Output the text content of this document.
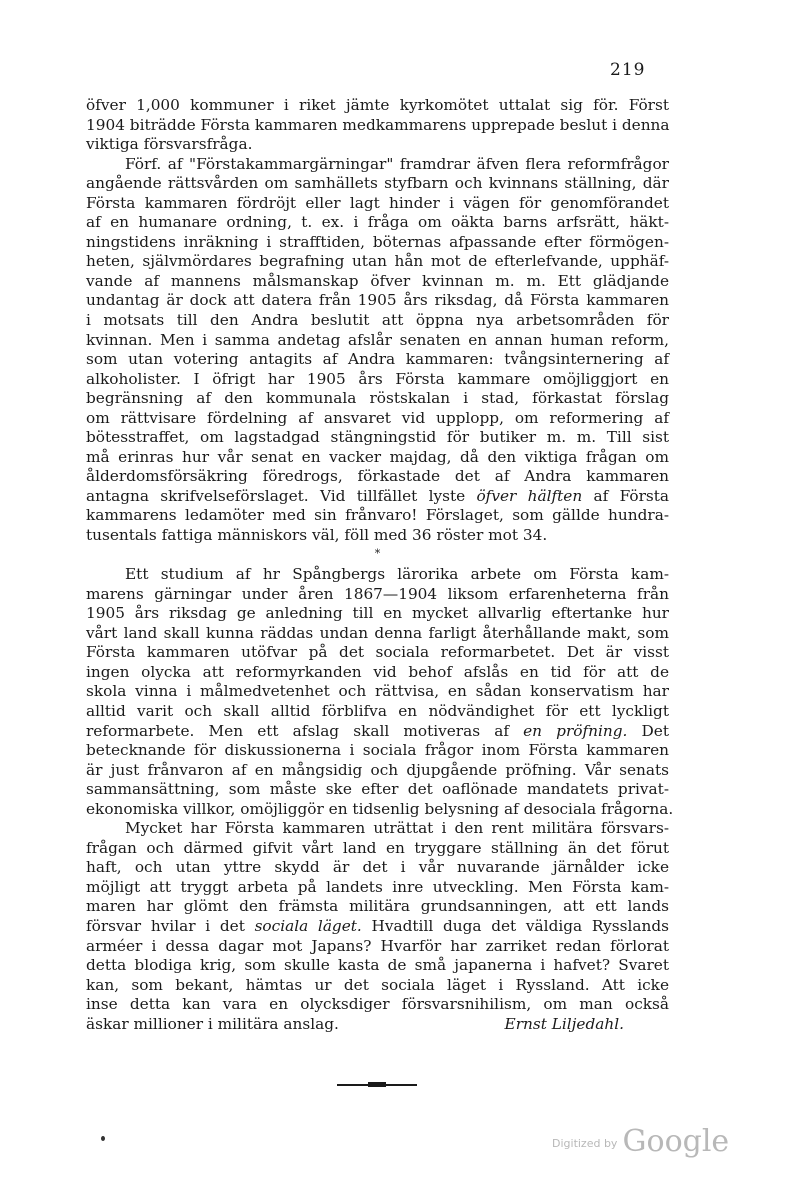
219
öfver 1,000 kommuner i riket jämte kyrkomötet uttalat sig för. Först
1904 biträdde Första kammaren medkammarens upprepade beslut i denna
viktiga försvarsfråga.
Förf. af "Förstakammargärningar" framdrar äfven flera reformfrågor
angående rättsvården om samhällets styfbarn och kvinnans ställning, där
Första kammaren fördröjt eller lagt hinder i vägen för genomförandet
af en humanare ordning, t. ex. i fråga om oäkta barns arfsrätt, häkt-
ningstidens inräkning i strafftiden, böternas afpassande efter förmögen-
heten, självmördares begrafning utan hån mot de efterlefvande, upphäf-
vande af mannens målsmanskap öfver kvinnan m. m. Ett glädjande
undantag är dock att datera från 1905 års riksdag, då Första kammaren
i motsats till den Andra beslutit att öppna nya arbetsområden för
kvinnan. Men i samma andetag afslår senaten en annan human reform,
som utan votering antagits af Andra kammaren: tvångsinternering af
alkoholister. I öfrigt har 1905 års Första kammare omöjliggjort en
begränsning af den kommunala röstskalan i stad, förkastat förslag
om rättvisare fördelning af ansvaret vid upplopp, om reformering af
bötesstraffet, om lagstadgad stängningstid för butiker m. m. Till sist
må erinras hur vår senat en vacker majdag, då den viktiga frågan om
ålderdomsförsäkring föredrogs, förkastade det af Andra kammaren
antagna skrifvelseförslaget. Vid tillfället lyste öfver hälften af Första
kammarens ledamöter med sin frånvaro! Förslaget, som gällde hundra-
tusentals fattiga människors väl, föll med 36 röster mot 34.
*
Ett studium af hr Spångbergs lärorika arbete om Första kam-
marens gärningar under åren 1867—1904 liksom erfarenheterna från
1905 års riksdag ge anledning till en mycket allvarlig eftertanke hur
vårt land skall kunna räddas undan denna farligt återhållande makt, som
Första kammaren utöfvar på det sociala reformarbetet. Det är visst
ingen olycka att reformyrkanden vid behof afslås en tid för att de
skola vinna i målmedvetenhet och rättvisa, en sådan konservatism har
alltid varit och skall alltid förblifva en nödvändighet för ett lyckligt
reformarbete. Men ett afslag skall motiveras af en pröfning. Det
betecknande för diskussionerna i sociala frågor inom Första kammaren
är just frånvaron af en mångsidig och djupgående pröfning. Vår senats
sammansättning, som måste ske efter det oaflönade mandatets privat-
ekonomiska villkor, omöjliggör en tidsenlig belysning af desociala frågorna.
Mycket har Första kammaren uträttat i den rent militära försvars-
frågan och därmed gifvit vårt land en tryggare ställning än det förut
haft, och utan yttre skydd är det i vår nuvarande järnålder icke
möjligt att tryggt arbeta på landets inre utveckling. Men Första kam-
maren har glömt den främsta militära grundsanningen, att ett lands
försvar hvilar i det sociala läget. Hvadtill duga det väldiga Rysslands
arméer i dessa dagar mot Japans? Hvarför har zarriket redan förlorat
detta blodiga krig, som skulle kasta de små japanerna i hafvet? Svaret
kan, som bekant, hämtas ur det sociala läget i Ryssland. Att icke
inse detta kan vara en olycksdiger försvarsnihilism, om man också
äskar millioner i militära anslag.	Ernst Liljedahl.
$^{Digitized by}$ Google
